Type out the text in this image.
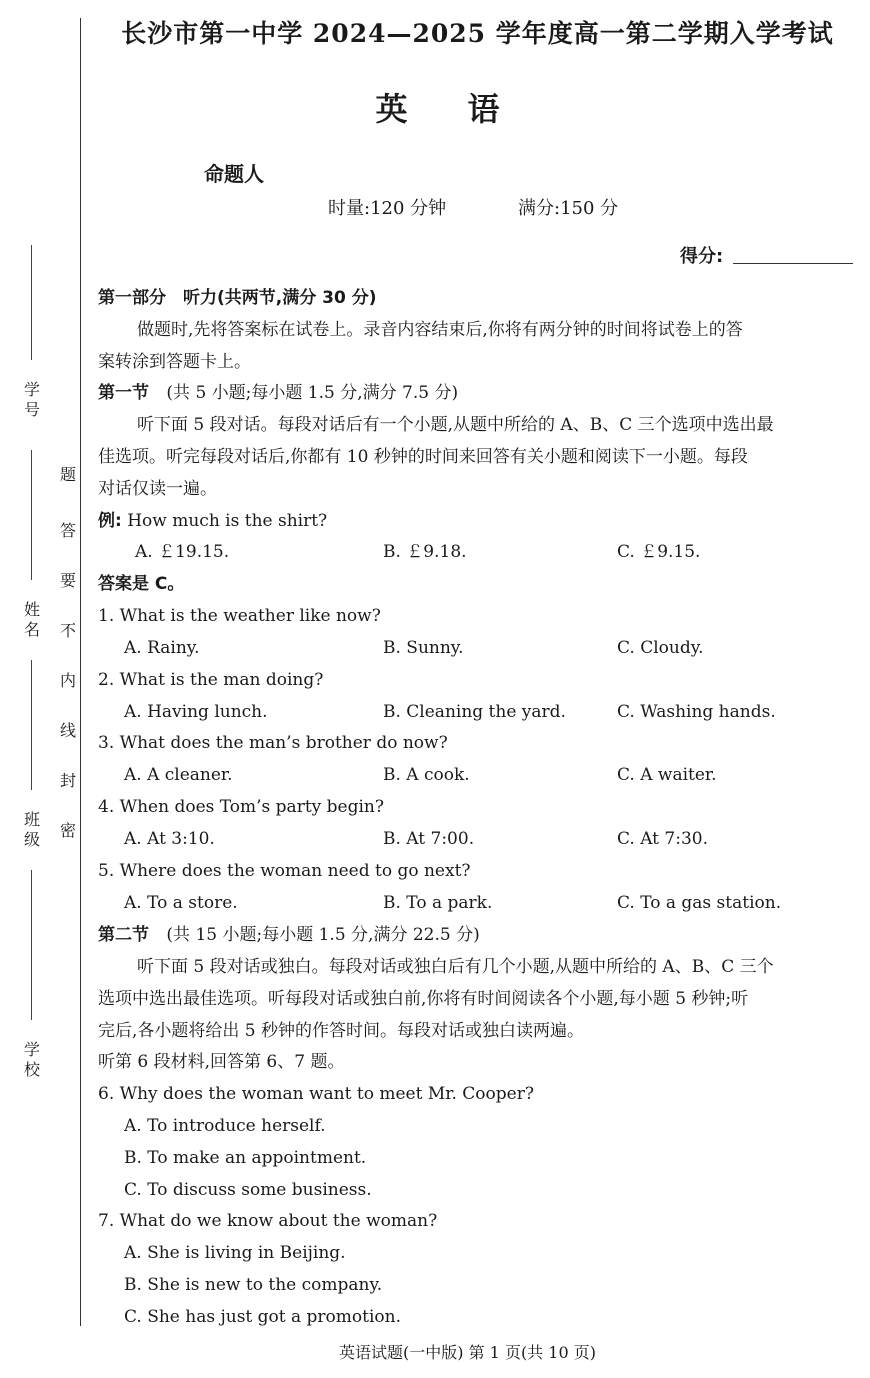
学号
姓名
班级
学校
密
封
线
内
不
要
答
题
长沙市第一中学 2024—2025 学年度高一第二学期入学考试
英语
命题人
时量:120 分钟	满分:150 分
得分:
第一部分　听力(共两节,满分 30 分)
做题时,先将答案标在试卷上。录音内容结束后,你将有两分钟的时间将试卷上的答
案转涂到答题卡上。
第一节 (共 5 小题;每小题 1.5 分,满分 7.5 分)
听下面 5 段对话。每段对话后有一个小题,从题中所给的 A、B、C 三个选项中选出最
佳选项。听完每段对话后,你都有 10 秒钟的时间来回答有关小题和阅读下一小题。每段
对话仅读一遍。
例: How much is the shirt?
A. ￡19.15.	B. ￡9.18.	C. ￡9.15.
答案是 C。
1. What is the weather like now?
A. Rainy.	B. Sunny.	C. Cloudy.
2. What is the man doing?
A. Having lunch.	B. Cleaning the yard.	C. Washing hands.
3. What does the man’s brother do now?
A. A cleaner.	B. A cook.	C. A waiter.
4. When does Tom’s party begin?
A. At 3:10.	B. At 7:00.	C. At 7:30.
5. Where does the woman need to go next?
A. To a store.	B. To a park.	C. To a gas station.
第二节 (共 15 小题;每小题 1.5 分,满分 22.5 分)
听下面 5 段对话或独白。每段对话或独白后有几个小题,从题中所给的 A、B、C 三个
选项中选出最佳选项。听每段对话或独白前,你将有时间阅读各个小题,每小题 5 秒钟;听
完后,各小题将给出 5 秒钟的作答时间。每段对话或独白读两遍。
听第 6 段材料,回答第 6、7 题。
6. Why does the woman want to meet Mr. Cooper?
A. To introduce herself.
B. To make an appointment.
C. To discuss some business.
7. What do we know about the woman?
A. She is living in Beijing.
B. She is new to the company.
C. She has just got a promotion.
英语试题(一中版) 第 1 页(共 10 页)
